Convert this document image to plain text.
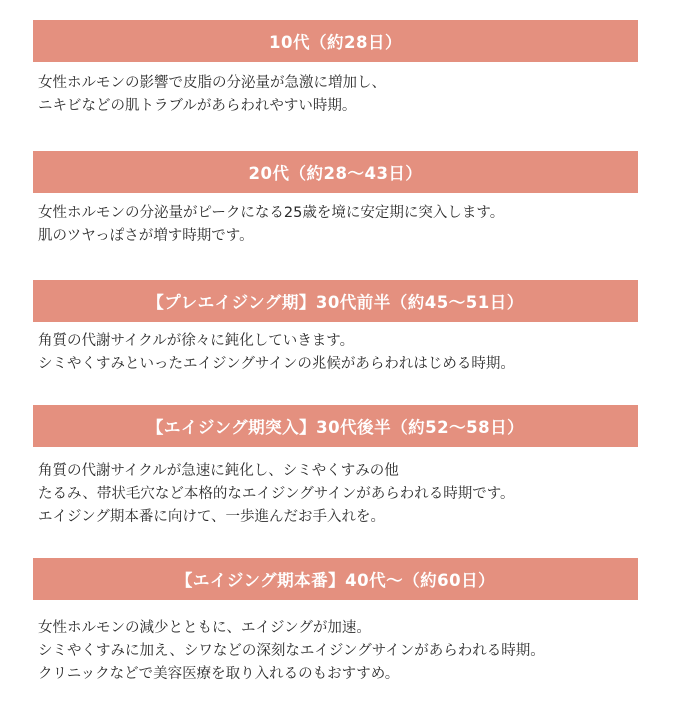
10代（約28日）
女性ホルモンの影響で皮脂の分泌量が急激に増加し、
ニキビなどの肌トラブルがあらわれやすい時期。
20代（約28～43日）
女性ホルモンの分泌量がピークになる25歳を境に安定期に突入します。
肌のツヤっぽさが増す時期です。
【プレエイジング期】30代前半（約45～51日）
角質の代謝サイクルが徐々に鈍化していきます。
シミやくすみといったエイジングサインの兆候があらわれはじめる時期。
【エイジング期突入】30代後半（約52～58日）
角質の代謝サイクルが急速に鈍化し、シミやくすみの他
たるみ、帯状毛穴など本格的なエイジングサインがあらわれる時期です。
エイジング期本番に向けて、一歩進んだお手入れを。
【エイジング期本番】40代～（約60日）
女性ホルモンの減少とともに、エイジングが加速。
シミやくすみに加え、シワなどの深刻なエイジングサインがあらわれる時期。
クリニックなどで美容医療を取り入れるのもおすすめ。
